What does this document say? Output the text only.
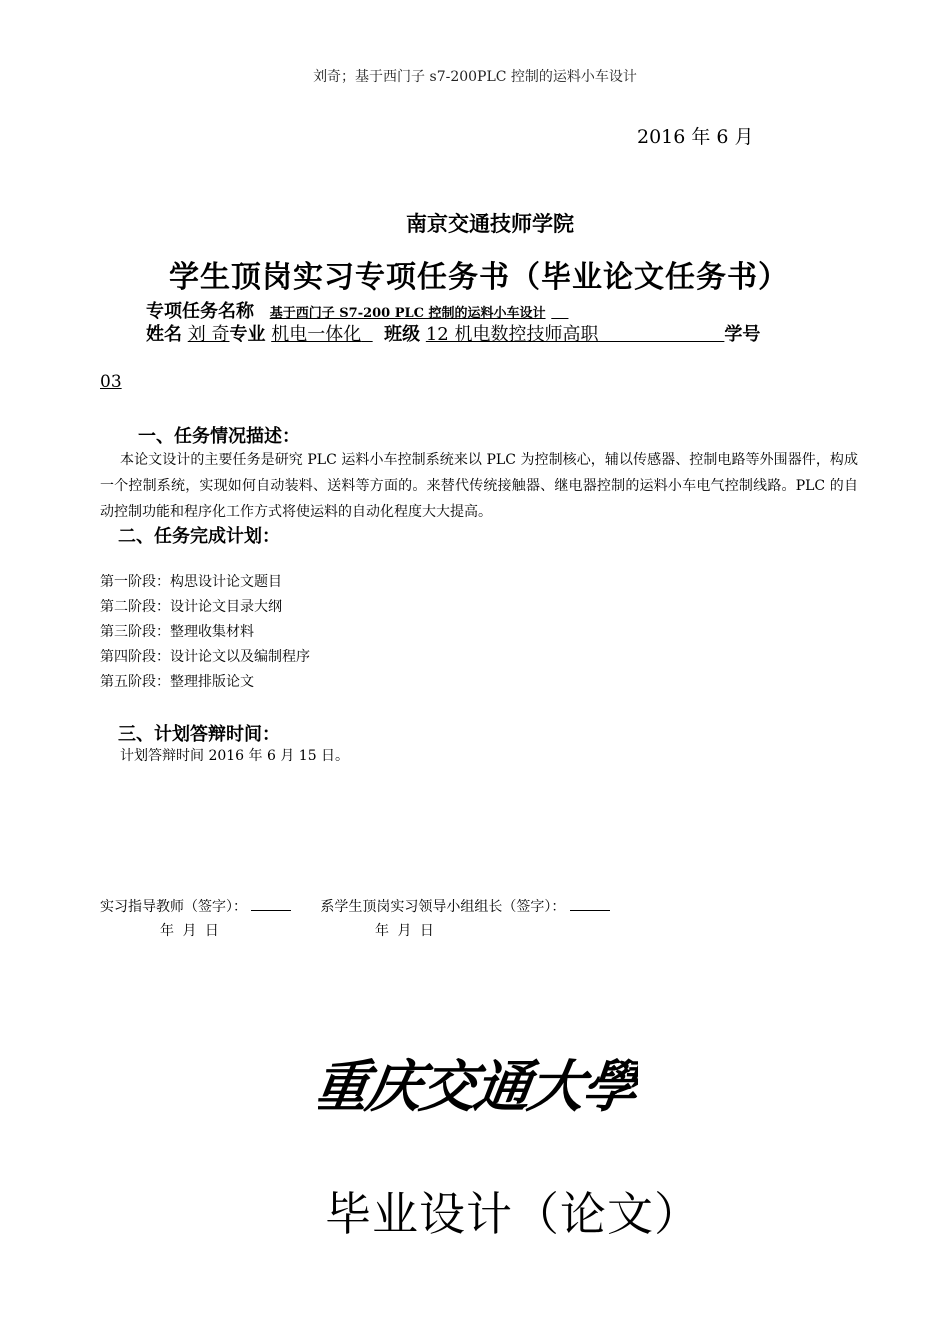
刘奇；基于西门子 s7-200PLC 控制的运料小车设计
2016 年 6 月
南京交通技师学院
学生顶岗实习专项任务书（毕业论文任务书）
专项任务名称 基于西门子 S7-200 PLC 控制的运料小车设计
姓名 刘 奇专业 机电一体化 班级 12 机电数控技师高职	学号
03
一、任务情况描述：
本论文设计的主要任务是研究 PLC 运料小车控制系统来以 PLC 为控制核心，辅以传感器、控制电路等外围器件，构成一个控制系统，实现如何自动装料、送料等方面的。来替代传统接触器、继电器控制的运料小车电气控制线路。PLC 的自动控制功能和程序化工作方式将使运料的自动化程度大大提高。
二、任务完成计划：
第一阶段：构思设计论文题目
第二阶段：设计论文目录大纲
第三阶段：整理收集材料
第四阶段：设计论文以及编制程序
第五阶段：整理排版论文
三、计划答辩时间：
计划答辩时间 2016 年 6 月 15 日。
实习指导教师（签字）：	系学生顶岗实习领导小组组长（签字）：
年 月 日	年 月 日
重庆交通大學
毕业设计（论文）
